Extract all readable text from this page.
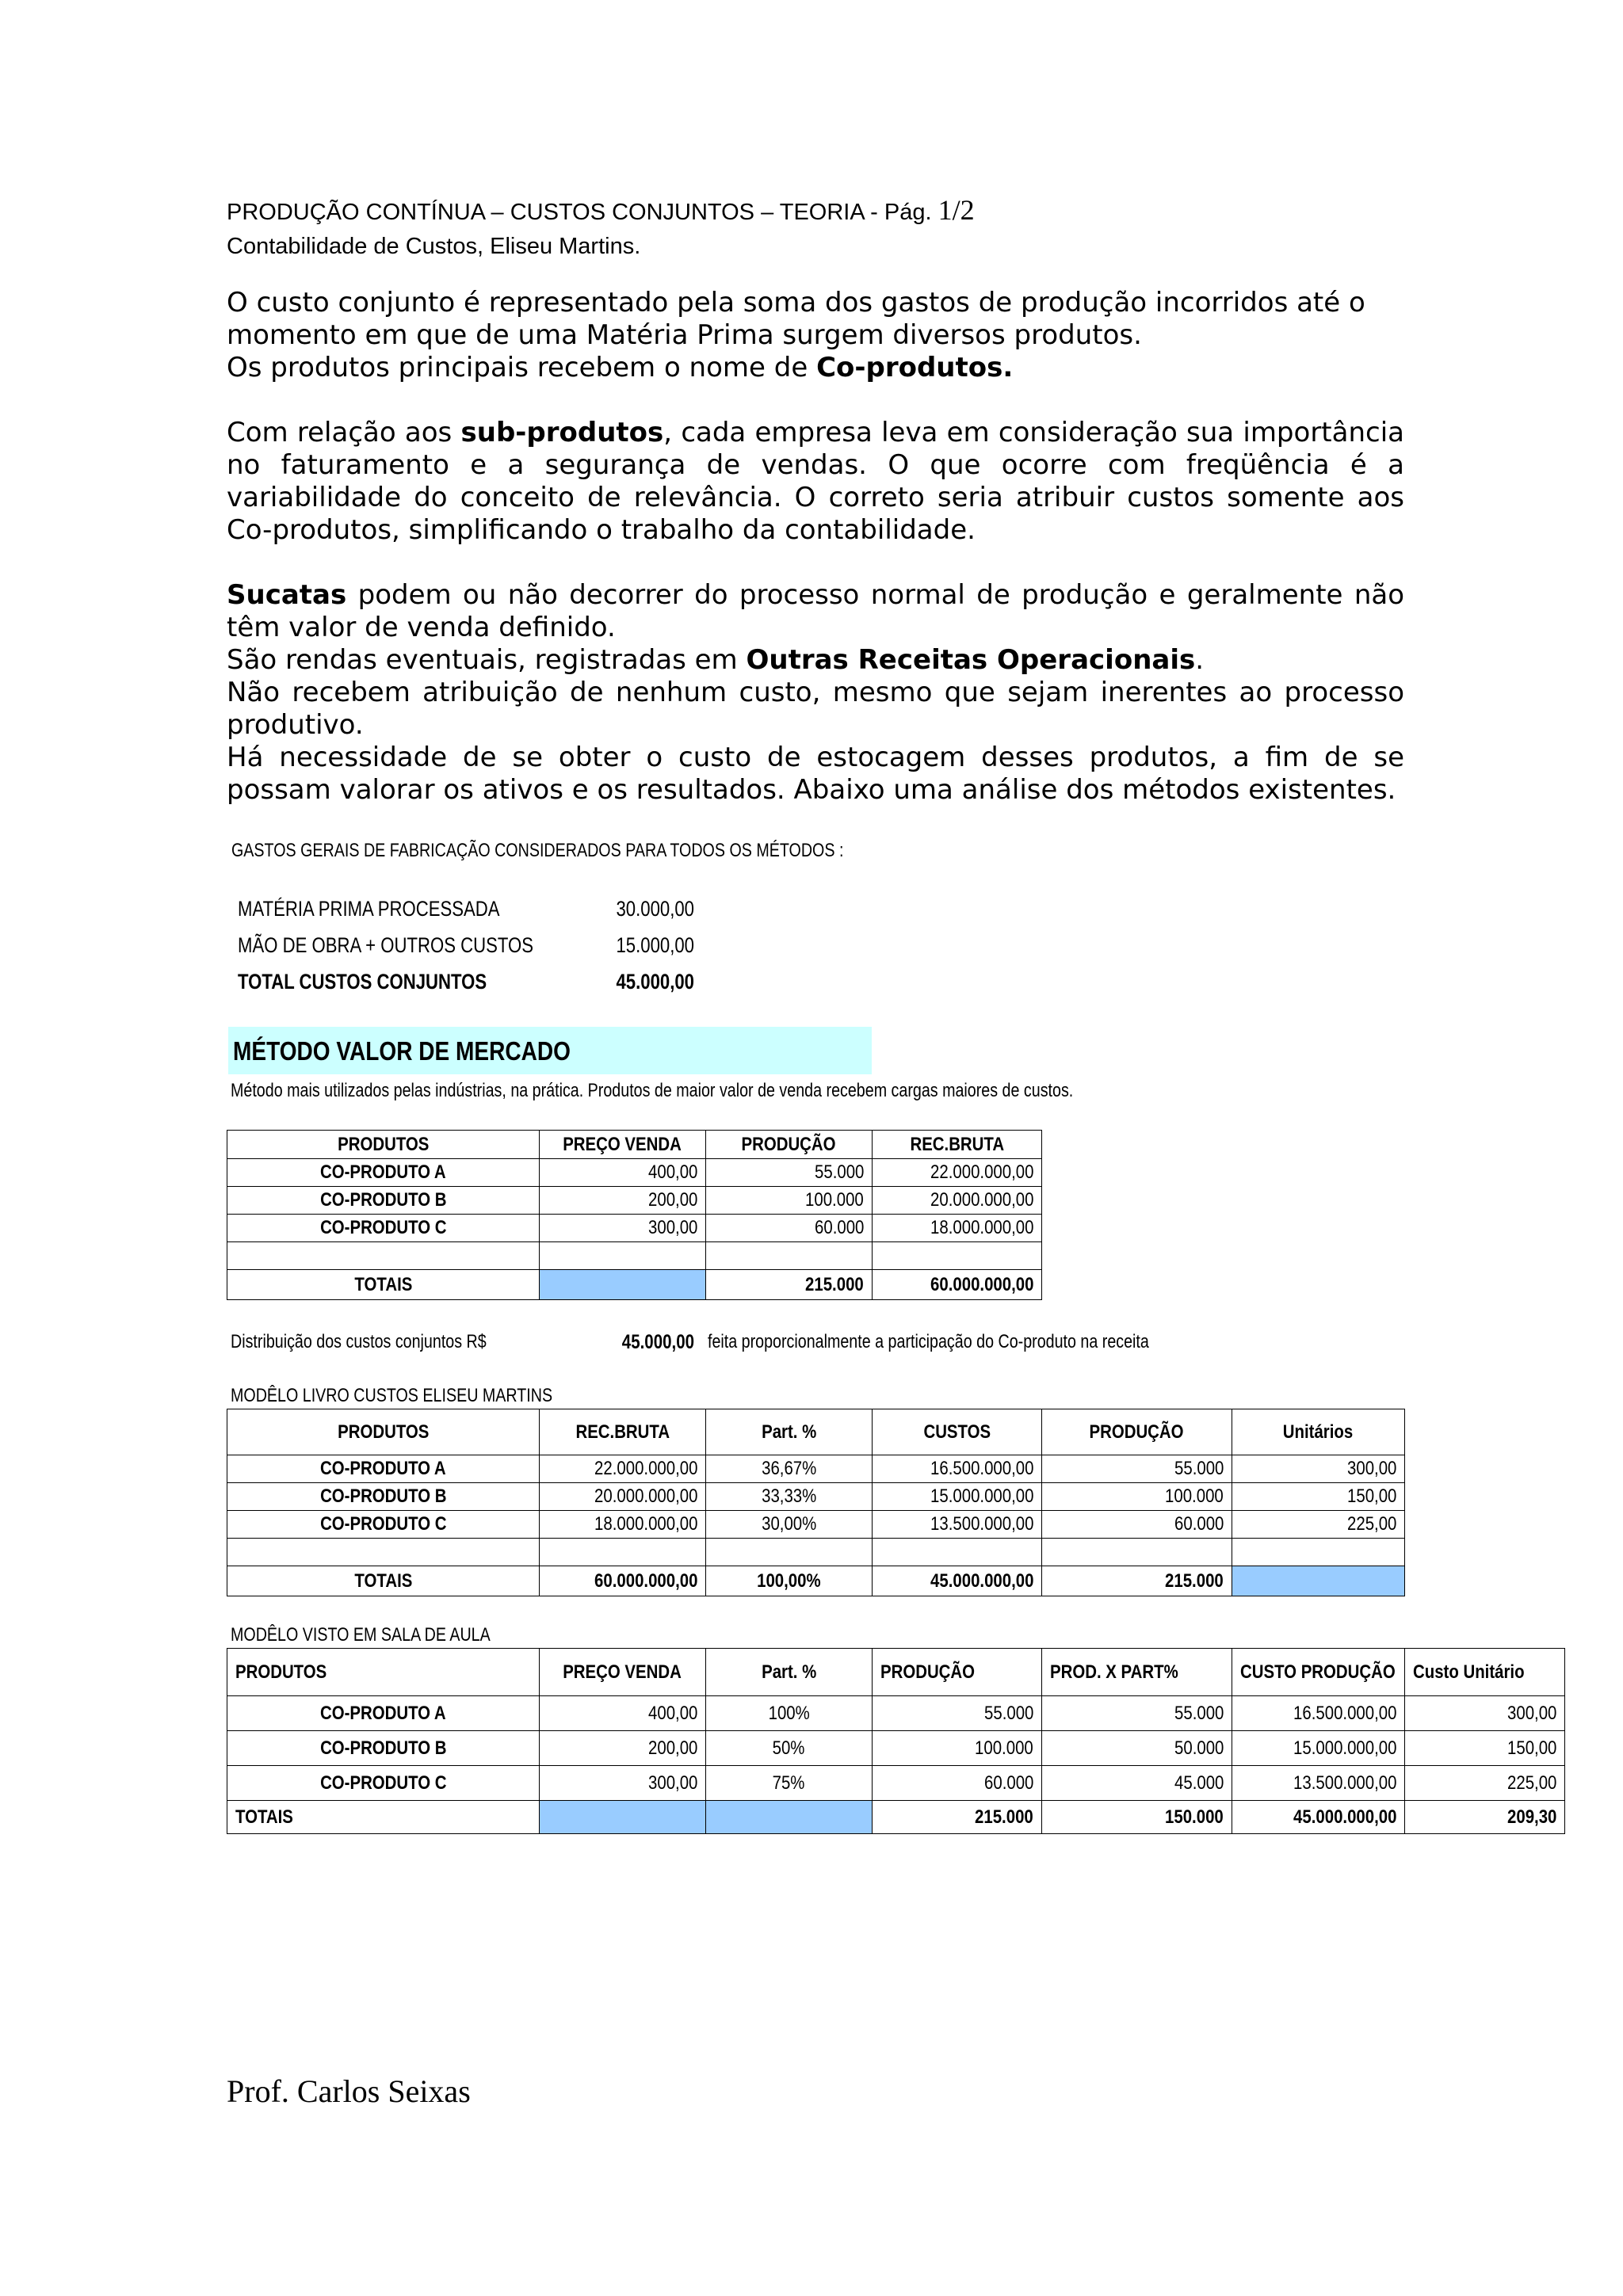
PRODUÇÃO CONTÍNUA – CUSTOS CONJUNTOS – TEORIA - Pág. 1/2
Contabilidade de Custos, Eliseu Martins.

O custo conjunto é representado pela soma dos gastos de produção incorridos até o

momento em que de uma Matéria Prima surgem diversos produtos.

Os produtos principais recebem o nome de Co-produtos.

Com relação aos sub-produtos, cada empresa leva em consideração sua importância no faturamento e a segurança de vendas. O que ocorre com freqüência é a variabilidade do conceito de relevância. O correto seria atribuir custos somente aos Co-produtos, simplificando o trabalho da contabilidade.

Sucatas podem ou não decorrer do processo normal de produção e geralmente não têm valor de venda definido.

São rendas eventuais, registradas em Outras Receitas Operacionais.

Não recebem atribuição de nenhum custo, mesmo que sejam inerentes ao processo produtivo.

Há necessidade de se obter o custo de estocagem desses produtos, a fim de se possam valorar os ativos e os resultados. Abaixo uma análise dos métodos existentes.

GASTOS GERAIS DE FABRICAÇÃO CONSIDERADOS PARA TODOS OS MÉTODOS :
MATÉRIA PRIMA PROCESSADA	30.000,00
MÃO DE OBRA + OUTROS CUSTOS	15.000,00
TOTAL CUSTOS CONJUNTOS	45.000,00
MÉTODO VALOR DE MERCADO
Método mais utilizados pelas indústrias, na prática. Produtos de maior valor de venda recebem cargas maiores de custos.
PRODUTOS	PREÇO VENDA	PRODUÇÃO	REC.BRUTA
CO-PRODUTO A	400,00	55.000	22.000.000,00
CO-PRODUTO B	200,00	100.000	20.000.000,00
CO-PRODUTO C	300,00	60.000	18.000.000,00

TOTAIS		215.000	60.000.000,00
Distribuição dos custos conjuntos R$	45.000,00 feita proporcionalmente a participação do Co-produto na receita
MODÊLO LIVRO CUSTOS ELISEU MARTINS
PRODUTOS	REC.BRUTA	Part. %	CUSTOS	PRODUÇÃO	Unitários
CO-PRODUTO A	22.000.000,00	36,67%	16.500.000,00	55.000	300,00
CO-PRODUTO B	20.000.000,00	33,33%	15.000.000,00	100.000	150,00
CO-PRODUTO C	18.000.000,00	30,00%	13.500.000,00	60.000	225,00

TOTAIS	60.000.000,00	100,00%	45.000.000,00	215.000	
MODÊLO VISTO EM SALA DE AULA
PRODUTOS	PREÇO VENDA	Part. %	PRODUÇÃO	PROD. X PART%	CUSTO PRODUÇÃO	Custo Unitário
CO-PRODUTO A	400,00	100%	55.000	55.000	16.500.000,00	300,00
CO-PRODUTO B	200,00	50%	100.000	50.000	15.000.000,00	150,00
CO-PRODUTO C	300,00	75%	60.000	45.000	13.500.000,00	225,00
TOTAIS			215.000	150.000	45.000.000,00	209,30
Prof. Carlos Seixas
